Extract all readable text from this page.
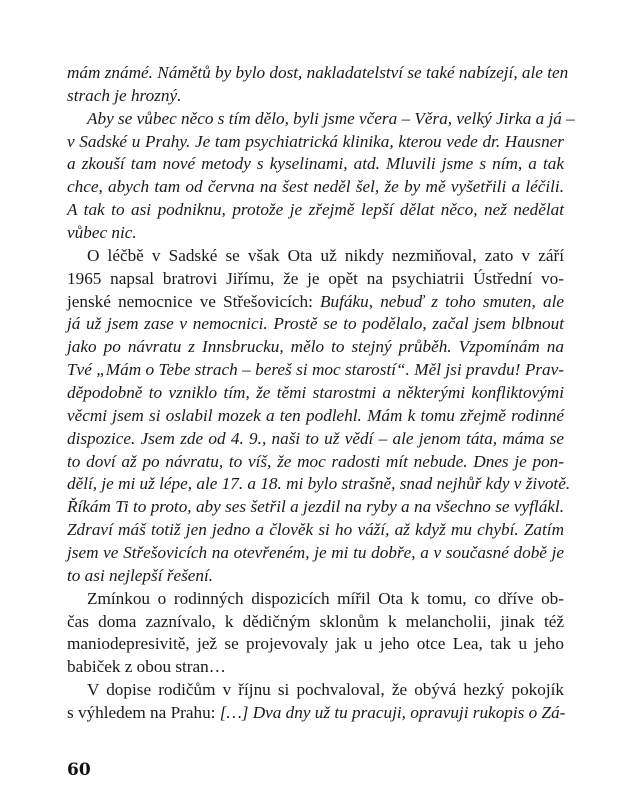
mám známé. Námětů by bylo dost, nakladatelství se také nabízejí, ale ten
strach je hrozný.
Aby se vůbec něco s tím dělo, byli jsme včera – Věra, velký Jirka a já –
v Sadské u Prahy. Je tam psychiatrická klinika, kterou vede dr. Hausner
a zkouší tam nové metody s kyselinami, atd. Mluvili jsme s ním, a tak
chce, abych tam od června na šest neděl šel, že by mě vyšetřili a léčili.
A tak to asi podniknu, protože je zřejmě lepší dělat něco, než nedělat
vůbec nic.
O léčbě v Sadské se však Ota už nikdy nezmiňoval, zato v září
1965 napsal bratrovi Jiřímu, že je opět na psychiatrii Ústřední vo-
jenské nemocnice ve Střešovicích: Bufáku, nebuď z toho smuten, ale
já už jsem zase v nemocnici. Prostě se to podělalo, začal jsem blbnout
jako po návratu z Innsbrucku, mělo to stejný průběh. Vzpomínám na
Tvé „Mám o Tebe strach – bereš si moc starostí“. Měl jsi pravdu! Prav-
děpodobně to vzniklo tím, že těmi starostmi a některými konfliktovými
věcmi jsem si oslabil mozek a ten podlehl. Mám k tomu zřejmě rodinné
dispozice. Jsem zde od 4. 9., naši to už vědí – ale jenom táta, máma se
to doví až po návratu, to víš, že moc radosti mít nebude. Dnes je pon-
dělí, je mi už lépe, ale 17. a 18. mi bylo strašně, snad nejhůř kdy v životě.
Říkám Ti to proto, aby ses šetřil a jezdil na ryby a na všechno se vyflákl.
Zdraví máš totiž jen jedno a člověk si ho váží, až když mu chybí. Zatím
jsem ve Střešovicích na otevřeném, je mi tu dobře, a v současné době je
to asi nejlepší řešení.
Zmínkou o rodinných dispozicích mířil Ota k tomu, co dříve ob-
čas doma zaznívalo, k dědičným sklonům k melancholii, jinak též
maniodepresivitě, jež se projevovaly jak u jeho otce Lea, tak u jeho
babiček z obou stran…
V dopise rodičům v říjnu si pochvaloval, že obývá hezký pokojík
s výhledem na Prahu: […] Dva dny už tu pracuji, opravuji rukopis o Zá-
60
